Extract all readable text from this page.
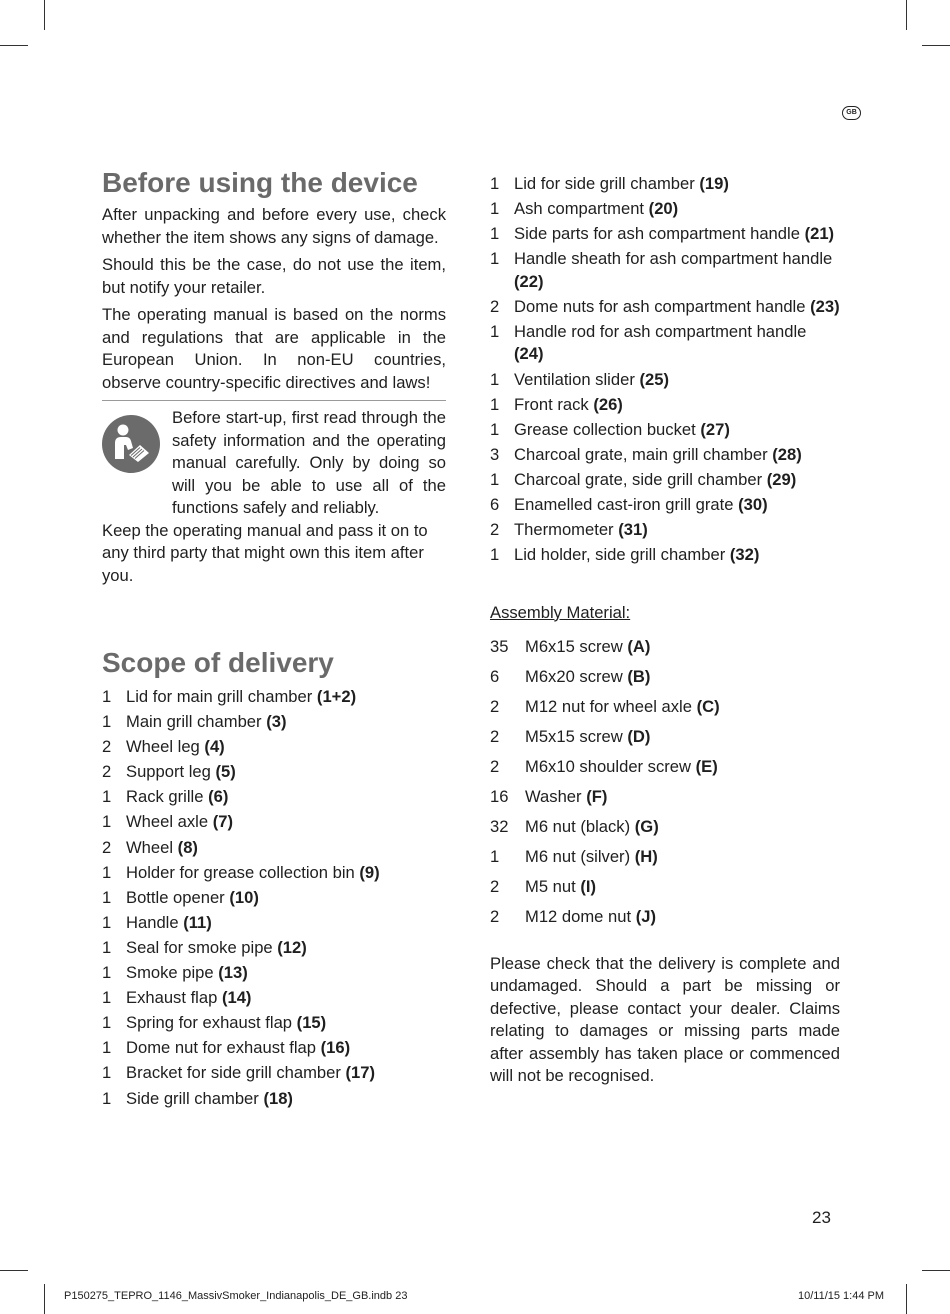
GB
Before using the device

After unpacking and before every use, check whether the item shows any signs of damage.

Should this be the case, do not use the item, but notify your retailer.

The operating manual is based on the norms and regulations that are applicable in the European Union. In non-EU countries, observe country-specific directives and laws!

Before start-up, first read through the safety information and the operating manual carefully. Only by doing so will you be able to use all of the functions safely and reliably.

Keep the operating manual and pass it on to any third party that might own this item after you.

Scope of delivery
1 Lid for main grill chamber (1+2)
1 Main grill chamber (3)
2 Wheel leg (4)
2 Support leg (5)
1 Rack grille (6)
1 Wheel axle (7)
2 Wheel (8)
1 Holder for grease collection bin (9)
1 Bottle opener (10)
1 Handle (11)
1 Seal for smoke pipe (12)
1 Smoke pipe (13)
1 Exhaust flap (14)
1 Spring for exhaust flap (15)
1 Dome nut for exhaust flap (16)
1 Bracket for side grill chamber (17)
1 Side grill chamber (18)
1 Lid for side grill chamber (19)
1 Ash compartment (20)
1 Side parts for ash compartment handle (21)
1 Handle sheath for ash compartment handle (22)
2 Dome nuts for ash compartment handle (23)
1 Handle rod for ash compartment handle (24)
1 Ventilation slider (25)
1 Front rack (26)
1 Grease collection bucket (27)
3 Charcoal grate, main grill chamber (28)
1 Charcoal grate, side grill chamber (29)
6 Enamelled cast-iron grill grate (30)
2 Thermometer (31)
1 Lid holder, side grill chamber (32)

Assembly Material:

35 M6x15 screw (A)
6	M6x20 screw (B)
2	M12 nut for wheel axle (C)
2	M5x15 screw (D)
2	M6x10 shoulder screw (E)
16 Washer (F)
32 M6 nut (black) (G)
1	M6 nut (silver) (H)
2	M5 nut (I)
2	M12 dome nut (J)

Please check that the delivery is complete and undamaged. Should a part be missing or defective, please contact your dealer. Claims relating to damages or missing parts made after assembly has taken place or commenced will not be recognised.

23
P150275_TEPRO_1146_MassivSmoker_Indianapolis_DE_GB.indb 23	10/11/15 1:44 PM
